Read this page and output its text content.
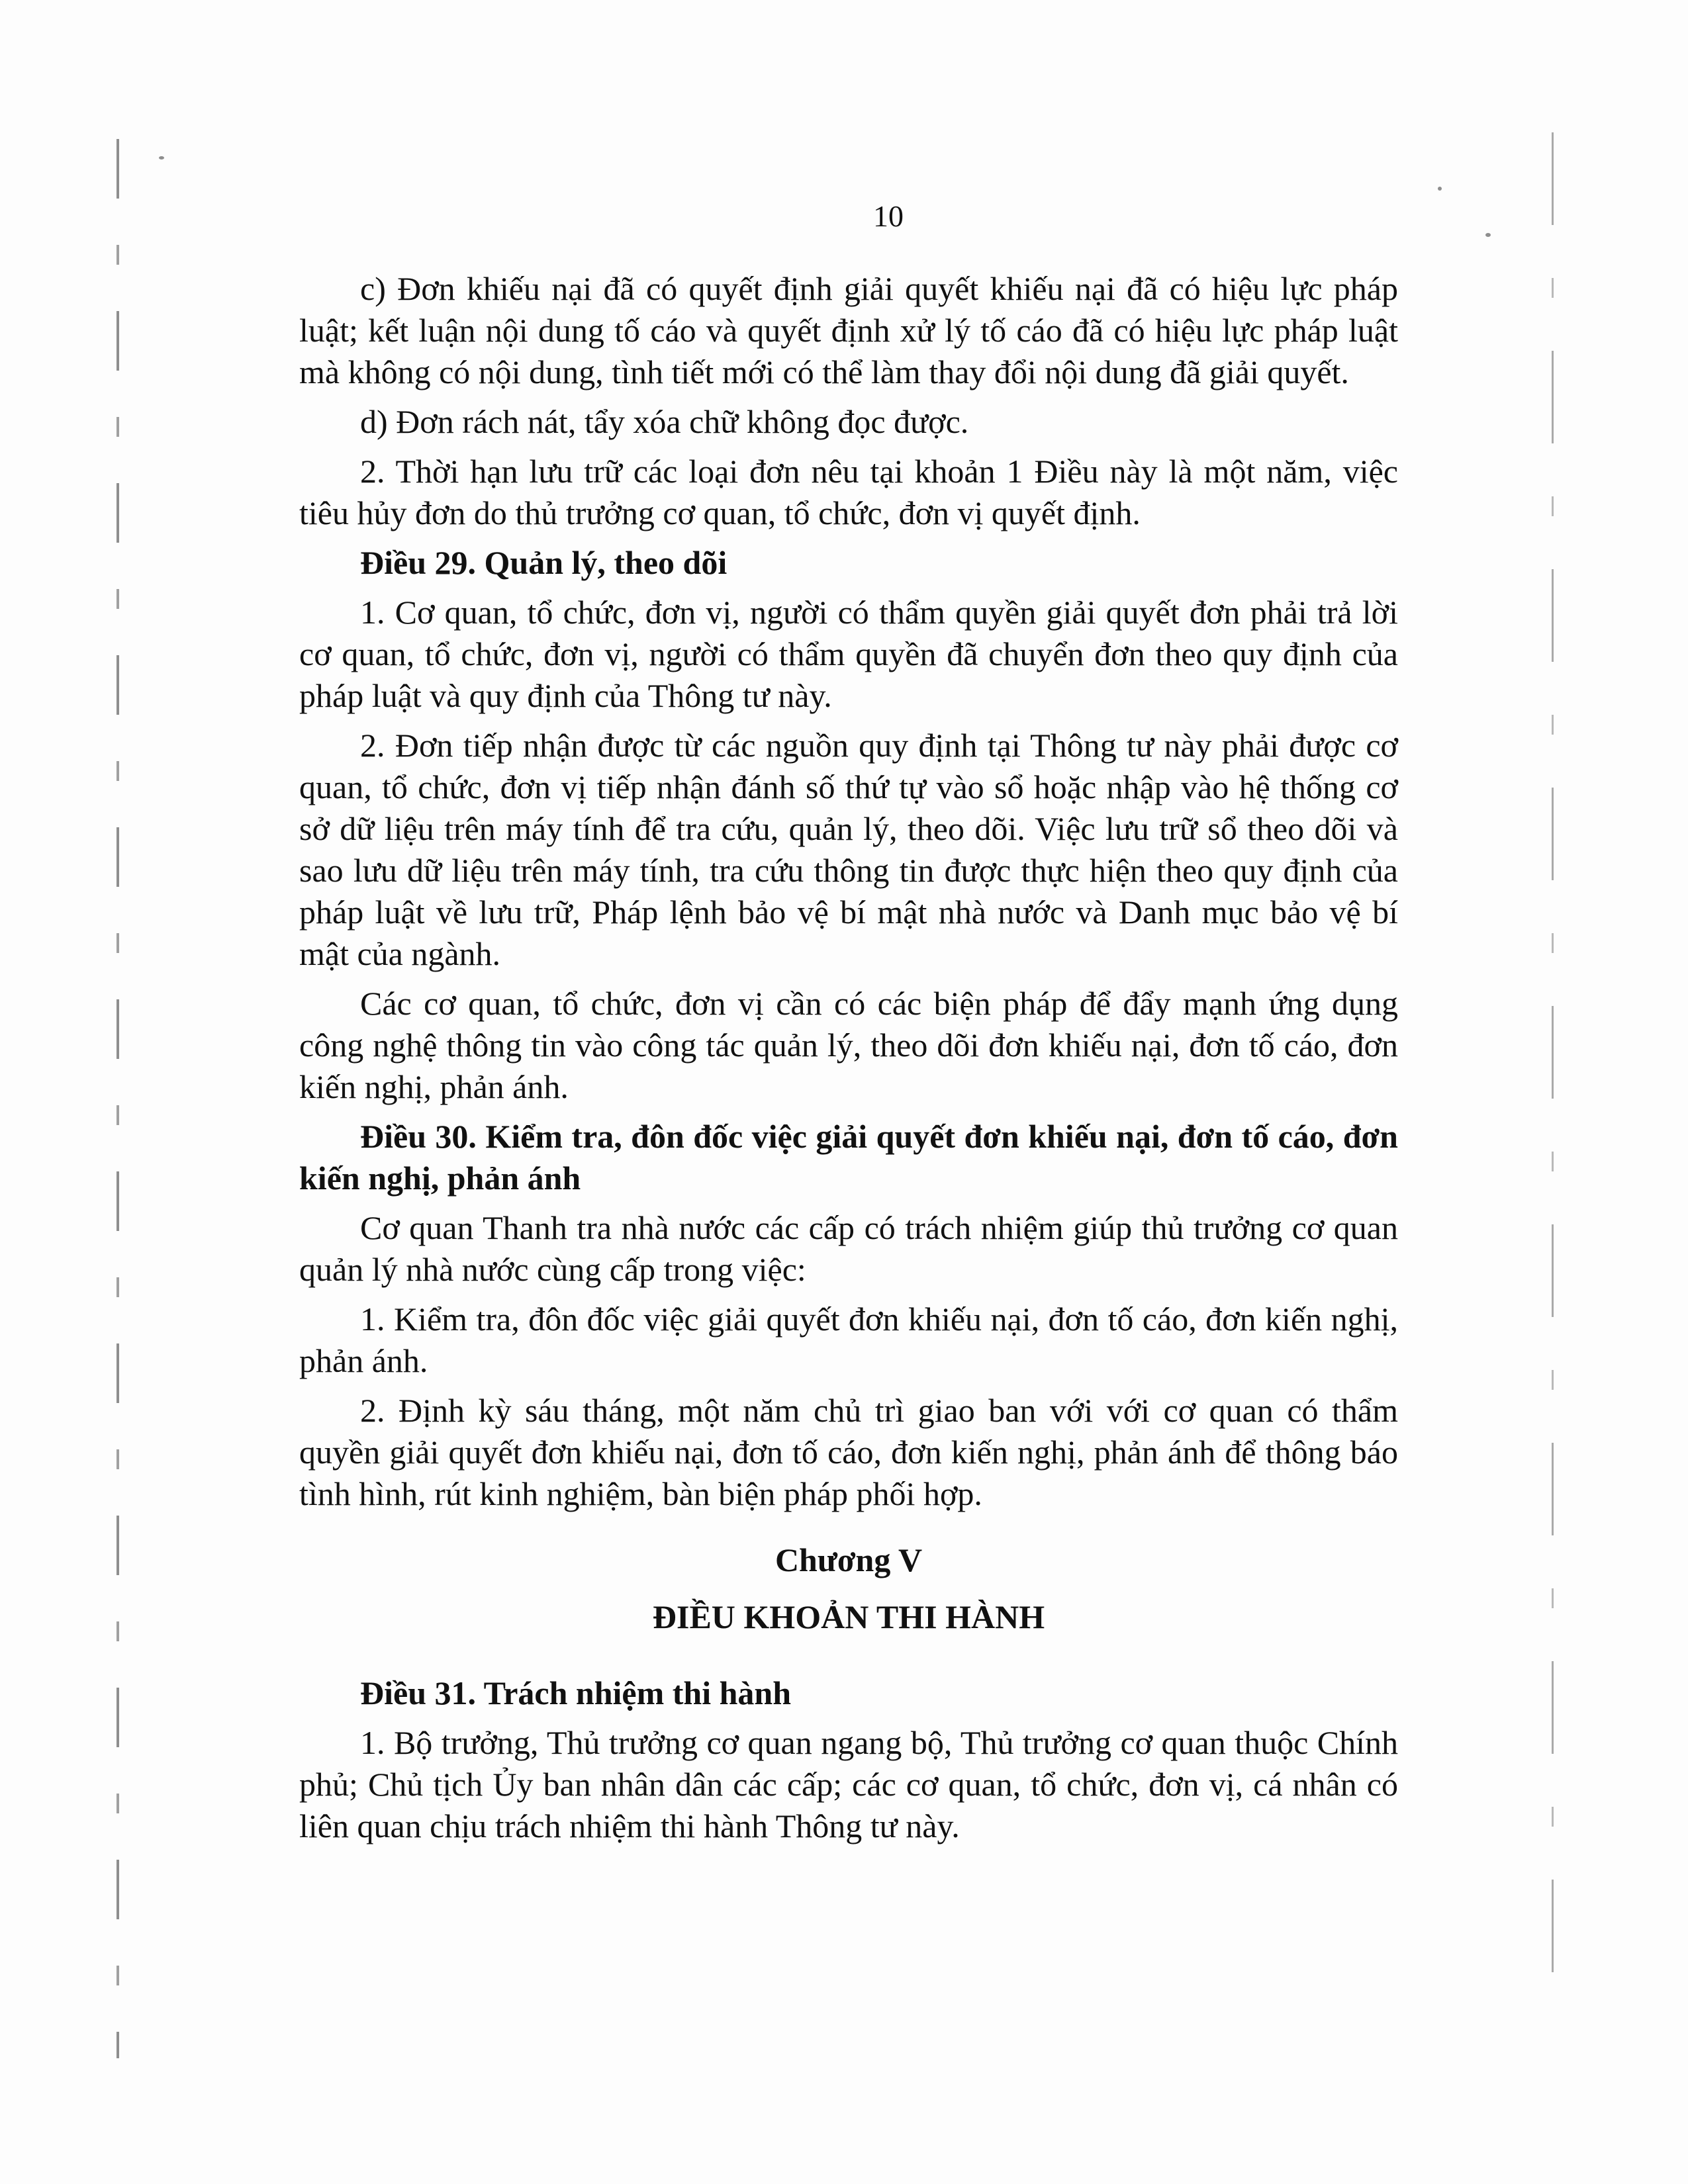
10

c) Đơn khiếu nại đã có quyết định giải quyết khiếu nại đã có hiệu lực pháp luật; kết luận nội dung tố cáo và quyết định xử lý tố cáo đã có hiệu lực pháp luật mà không có nội dung, tình tiết mới có thể làm thay đổi nội dung đã giải quyết.

d) Đơn rách nát, tẩy xóa chữ không đọc được.

2. Thời hạn lưu trữ các loại đơn nêu tại khoản 1 Điều này là một năm, việc tiêu hủy đơn do thủ trưởng cơ quan, tổ chức, đơn vị quyết định.

Điều 29. Quản lý, theo dõi

1. Cơ quan, tổ chức, đơn vị, người có thẩm quyền giải quyết đơn phải trả lời cơ quan, tổ chức, đơn vị, người có thẩm quyền đã chuyển đơn theo quy định của pháp luật và quy định của Thông tư này.

2. Đơn tiếp nhận được từ các nguồn quy định tại Thông tư này phải được cơ quan, tổ chức, đơn vị tiếp nhận đánh số thứ tự vào sổ hoặc nhập vào hệ thống cơ sở dữ liệu trên máy tính để tra cứu, quản lý, theo dõi. Việc lưu trữ sổ theo dõi và sao lưu dữ liệu trên máy tính, tra cứu thông tin được thực hiện theo quy định của pháp luật về lưu trữ, Pháp lệnh bảo vệ bí mật nhà nước và Danh mục bảo vệ bí mật của ngành.

Các cơ quan, tổ chức, đơn vị cần có các biện pháp để đẩy mạnh ứng dụng công nghệ thông tin vào công tác quản lý, theo dõi đơn khiếu nại, đơn tố cáo, đơn kiến nghị, phản ánh.

Điều 30. Kiểm tra, đôn đốc việc giải quyết đơn khiếu nại, đơn tố cáo, đơn kiến nghị, phản ánh

Cơ quan Thanh tra nhà nước các cấp có trách nhiệm giúp thủ trưởng cơ quan quản lý nhà nước cùng cấp trong việc:

1. Kiểm tra, đôn đốc việc giải quyết đơn khiếu nại, đơn tố cáo, đơn kiến nghị, phản ánh.

2. Định kỳ sáu tháng, một năm chủ trì giao ban với với cơ quan có thẩm quyền giải quyết đơn khiếu nại, đơn tố cáo, đơn kiến nghị, phản ánh để thông báo tình hình, rút kinh nghiệm, bàn biện pháp phối hợp.

Chương V
ĐIỀU KHOẢN THI HÀNH

Điều 31. Trách nhiệm thi hành

1. Bộ trưởng, Thủ trưởng cơ quan ngang bộ, Thủ trưởng cơ quan thuộc Chính phủ; Chủ tịch Ủy ban nhân dân các cấp; các cơ quan, tổ chức, đơn vị, cá nhân có liên quan chịu trách nhiệm thi hành Thông tư này.
